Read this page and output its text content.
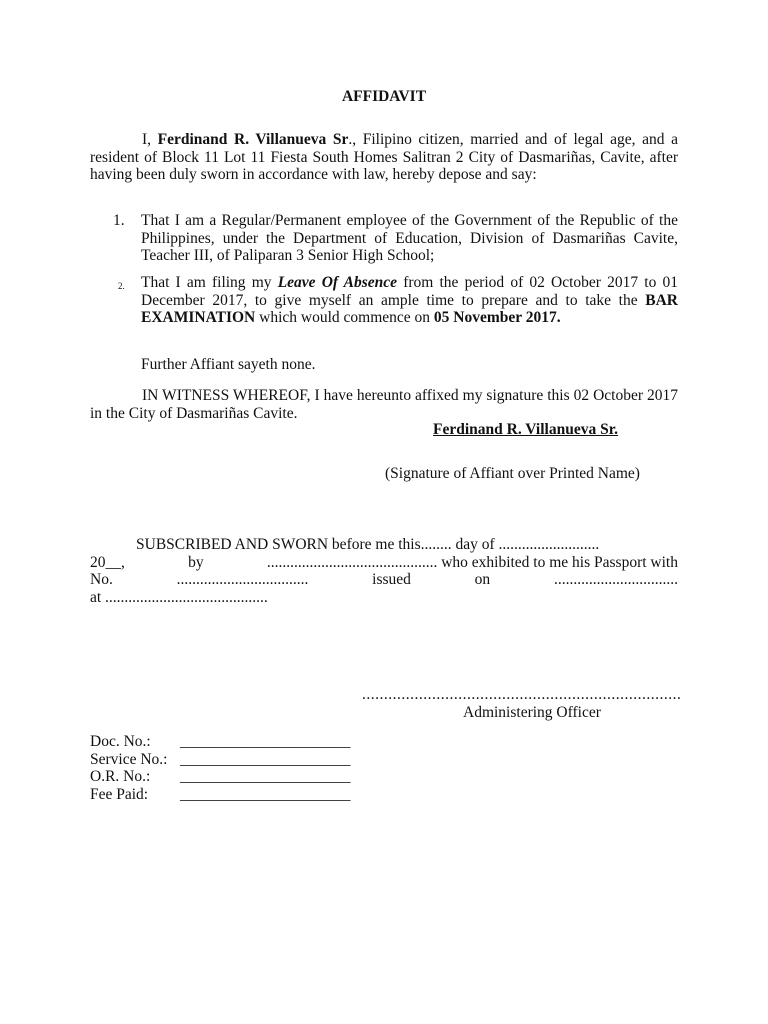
AFFIDAVIT
I, Ferdinand R. Villanueva Sr., Filipino citizen, married and of legal age, and a resident of Block 11 Lot 11 Fiesta South Homes Salitran 2 City of Dasmariñas, Cavite, after having been duly sworn in accordance with law, hereby depose and say:
1. That I am a Regular/Permanent employee of the Government of the Republic of the Philippines, under the Department of Education, Division of Dasmariñas Cavite, Teacher III, of Paliparan 3 Senior High School;
2. That I am filing my Leave Of Absence from the period of 02 October 2017 to 01 December 2017, to give myself an ample time to prepare and to take the BAR EXAMINATION which would commence on 05 November 2017.
Further Affiant sayeth none.
IN WITNESS WHEREOF, I have hereunto affixed my signature this 02 October 2017 in the City of Dasmariñas Cavite.
Ferdinand R. Villanueva Sr.
(Signature of Affiant over Printed Name)
SUBSCRIBED AND SWORN before me this........ day of ..........................
20__,	by	............................................ who exhibited to me his Passport with
No.	..................................	issued	on	................................
at ..........................................
.........................................................................
Administering Officer
Doc. No.:	______________________
Service No.: ______________________
O.R. No.:	______________________
Fee Paid:	______________________
